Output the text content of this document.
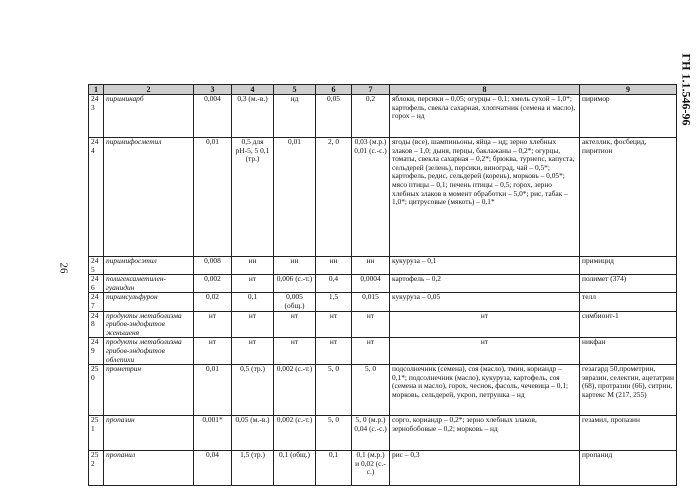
26
ГН 1.1.546-96
1	2	3	4	5	6	7	8	9
243	пиримикарб	0,004	0,3 (м.-в.)	нд	0,05	0,2	яблоки, персики – 0,05; огурцы – 0,1; хмель сухой – 1,0*; картофель, свекла сахарная, хлопчатник (семена и масло), горох – нд	пиримор
244	пиримифосметил	0,01	0,5 для рН-5, 5 0,1 (тр.)	0,01	2, 0	0,03 (м.р.) 0,01 (с.-с.)	ягоды (все), шампиньоны, яйца – нд; зерно хлебных злаков – 1,0; дыня, перцы, баклажаны – 0,2*; огурцы, томаты, свекла сахарная – 0,2*; брюква, турнепс, капуста, сельдерей (зелень), персики, виноград, чай – 0,5*; картофель, редис, сельдерей (корень), морковь – 0,05*; мясо птицы – 0,1; печень птицы – 0,5; горох, зерно хлебных злаков в момент обработки – 5,0*; рис, табак – 1,0*; цитрусовые (мякоть) – 0,1*	актеллик, фосбецид, пиритион
245	пиримифосэтил	0,008	нн	нн	нн	нн	кукуруза – 0,1	примицид
246	полигексаметилен-гуанидин	0,002	нт	0,006 (с.-т.)	0,4	0,0004	картофель – 0,2	полимет (374)
247	пиримсульфурон	0,02	0,1	0,005 (общ.)	1,5	0,015	кукуруза – 0,05	телл
248	продукты метаболизма грибов-эндофитов женьшеня	нт	нт	нт	нт	нт	нт	симбионт-1
249	продукты метаболизма грибов-эндофитов облепихи	нт	нт	нт	нт	нт	нт	никфан
250	прометрин	0,01	0,5 (тр.)	0,002 (с.-т.)	5, 0	5, 0	подсолнечник (семена), соя (масло), тмин, кориандр – 0,1*; подсолнечник (масло), кукуруза, картофель, соя (семена и масло), горох, чеснок, фасоль, чечевица – 0,1; морковь, сельдерей, укроп, петрушка – нд	гезагард 50,прометрин, эвразин, селектин, ацетатрин (68), протразин (66), ситрин, картекс М (217, 255)
251	пропазин	0,001*	0,05 (м.-в.)	0,002 (с.-т.)	5, 0	5, 0 (м.р.) 0,04 (с.-с.)	сорго, кориандр – 0,2*; зерно хлебных злаков, зернобобовые – 0,2; морковь – нд	гезамил, пропазин
252	пропанил	0,04	1,5 (тр.)	0,1 (общ.)	0,1	0,1 (м.р.) и 0,02 (с.-с.)	рис – 0,3	пропанид
